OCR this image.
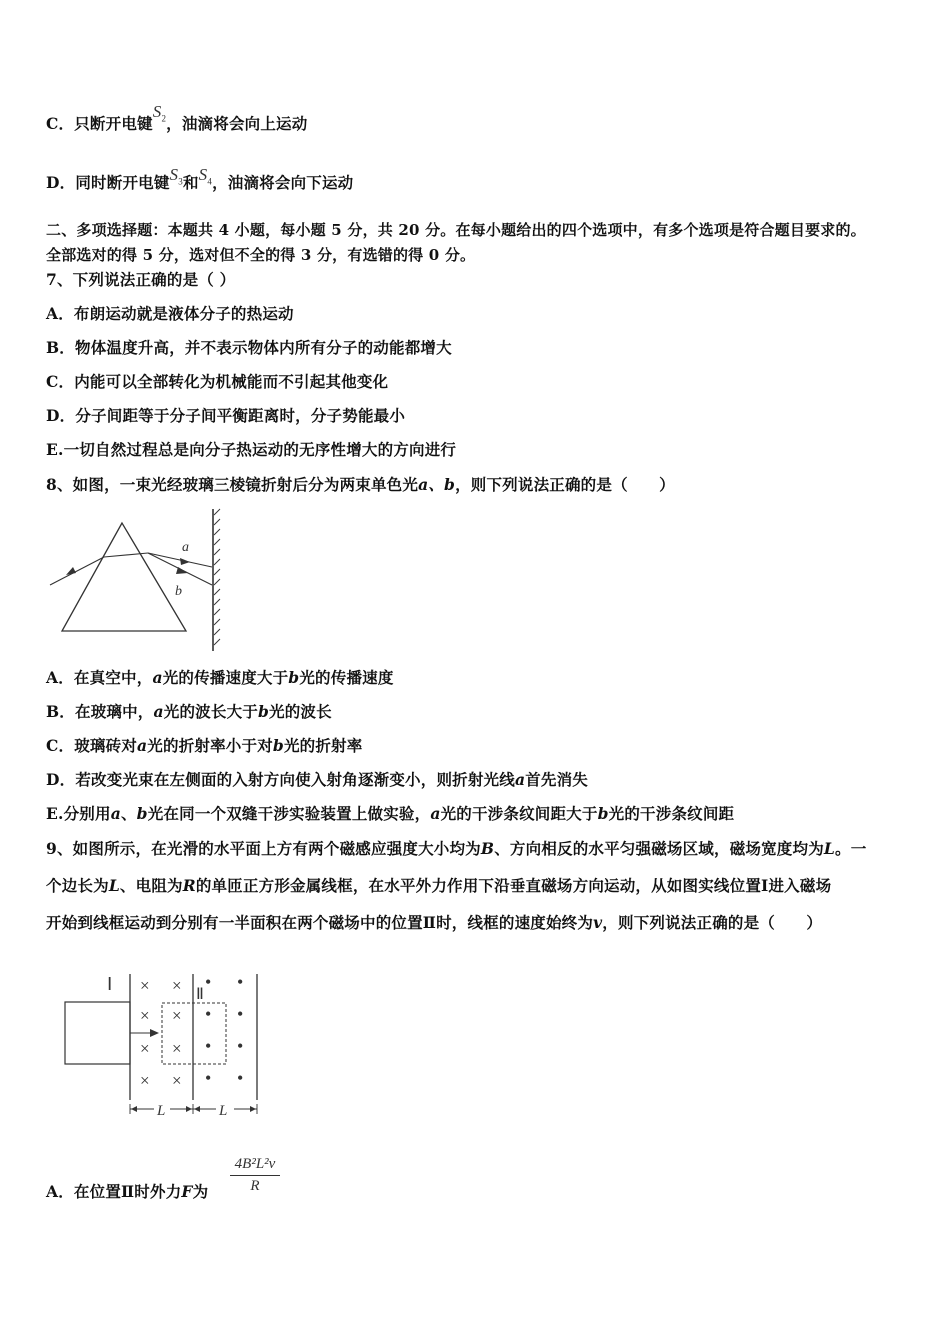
C．只断开电键$S_2$，油滴将会向上运动
D．同时断开电键$S_3$和$S_4$，油滴将会向下运动
二、多项选择题：本题共 4 小题，每小题 5 分，共 20 分。在每小题给出的四个选项中，有多个选项是符合题目要求的。
全部选对的得 5 分，选对但不全的得 3 分，有选错的得 0 分。
7、下列说法正确的是（ ）
A．布朗运动就是液体分子的热运动
B．物体温度升高，并不表示物体内所有分子的动能都增大
C．内能可以全部转化为机械能而不引起其他变化
D．分子间距等于分子间平衡距离时，分子势能最小
E.一切自然过程总是向分子热运动的无序性增大的方向进行
8、如图，一束光经玻璃三棱镜折射后分为两束单色光a、b，则下列说法正确的是（　　）
a
b
A．在真空中，a光的传播速度大于b光的传播速度
B．在玻璃中，a光的波长大于b光的波长
C．玻璃砖对a光的折射率小于对b光的折射率
D．若改变光束在左侧面的入射方向使入射角逐渐变小，则折射光线a首先消失
E.分别用a、b光在同一个双缝干涉实验装置上做实验，a光的干涉条纹间距大于b光的干涉条纹间距
9、如图所示，在光滑的水平面上方有两个磁感应强度大小均为B、方向相反的水平匀强磁场区域，磁场宽度均为L。一
个边长为L、电阻为R的单匝正方形金属线框，在水平外力作用下沿垂直磁场方向运动，从如图实线位置Ⅰ进入磁场
开始到线框运动到分别有一半面积在两个磁场中的位置Ⅱ时，线框的速度始终为v，则下列说法正确的是（　　）
Ⅰ
Ⅱ
× ×
× ×
× ×
× ×
• •
• •
• •
• •
L	L
A．在位置Ⅱ时外力F为 $\frac{\text{4B²L²v}}{R}$
